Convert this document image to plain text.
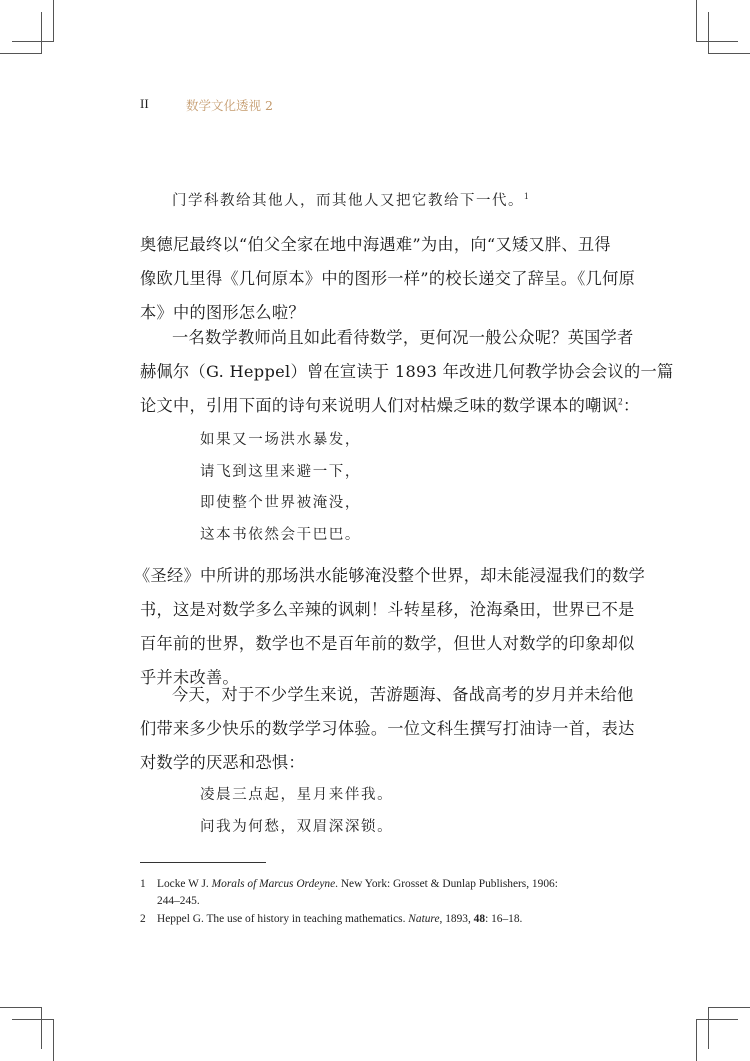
II	数学文化透视 2
门学科教给其他人，而其他人又把它教给下一代。$^1$
奥德尼最终以“伯父全家在地中海遇难”为由，向“又矮又胖、丑得
像欧几里得《几何原本》中的图形一样”的校长递交了辞呈。《几何原
本》中的图形怎么啦？
一名数学教师尚且如此看待数学，更何况一般公众呢？英国学者
赫佩尔（G. Heppel）曾在宣读于 1893 年改进几何教学协会会议的一篇
论文中，引用下面的诗句来说明人们对枯燥乏味的数学课本的嘲讽$^2$：
如果又一场洪水暴发，
请飞到这里来避一下，
即使整个世界被淹没，
这本书依然会干巴巴。
《圣经》中所讲的那场洪水能够淹没整个世界，却未能浸湿我们的数学
书，这是对数学多么辛辣的讽刺！斗转星移，沧海桑田，世界已不是
百年前的世界，数学也不是百年前的数学，但世人对数学的印象却似
乎并未改善。
今天，对于不少学生来说，苦游题海、备战高考的岁月并未给他
们带来多少快乐的数学学习体验。一位文科生撰写打油诗一首，表达
对数学的厌恶和恐惧：
凌晨三点起，星月来伴我。
问我为何愁，双眉深深锁。
1 Locke W J. Morals of Marcus Ordeyne. New York: Grosset & Dunlap Publishers, 1906:
244–245.
2 Heppel G. The use of history in teaching mathematics. Nature, 1893, 48: 16–18.
